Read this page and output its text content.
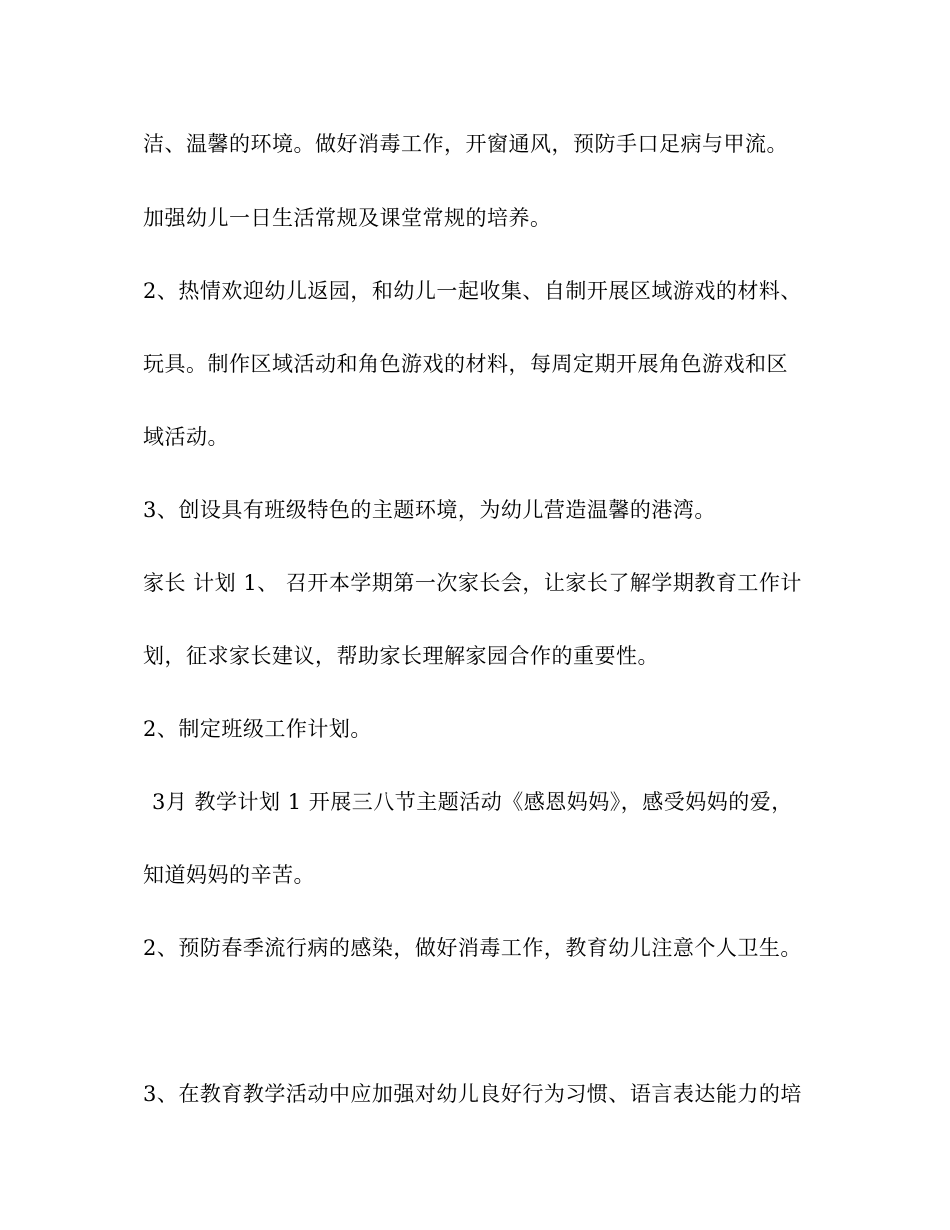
洁、温馨的环境。做好消毒工作，开窗通风，预防手口足病与甲流。
加强幼儿一日生活常规及课堂常规的培养。
2、热情欢迎幼儿返园，和幼儿一起收集、自制开展区域游戏的材料、
玩具。制作区域活动和角色游戏的材料，每周定期开展角色游戏和区
域活动。
3、创设具有班级特色的主题环境，为幼儿营造温馨的港湾。
家长 计划 1、 召开本学期第一次家长会，让家长了解学期教育工作计
划，征求家长建议，帮助家长理解家园合作的重要性。
2、制定班级工作计划。
3月 教学计划 1 开展三八节主题活动《感恩妈妈》，感受妈妈的爱，
知道妈妈的辛苦。
2、预防春季流行病的感染，做好消毒工作，教育幼儿注意个人卫生。
3、在教育教学活动中应加强对幼儿良好行为习惯、语言表达能力的培
